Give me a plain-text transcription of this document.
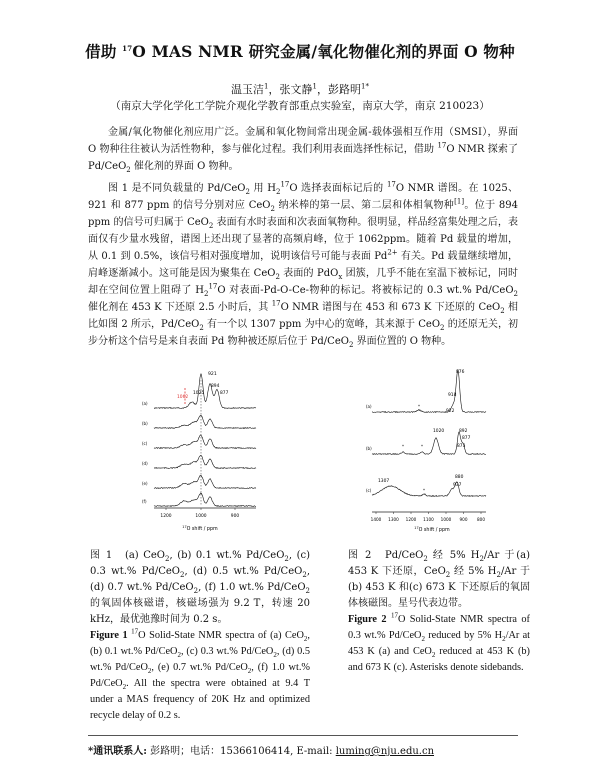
借助 $^{17}$O MAS NMR 研究金属/氧化物催化剂的界面 O 物种
温玉洁$^1$，张文静$^1$，彭路明$^{1*}$
（南京大学化学化工学院介观化学教育部重点实验室，南京大学，南京 210023）

金属/氧化物催化剂应用广泛。金属和氧化物间常出现金属-载体强相互作用（SMSI），界面 O 物种往往被认为活性物种，参与催化过程。我们利用表面选择性标记，借助 $^{17}$O NMR 探索了 Pd/CeO$_2$ 催化剂的界面 O 物种。

图 1 是不同负载量的 Pd/CeO$_2$ 用 $H_2^{17}O$ 选择表面标记后的 $^{17}$O NMR 谱图。在 1025、921 和 877 ppm 的信号分别对应 CeO$_2$ 纳米棒的第一层、第二层和体相氧物种[1]。位于 894 ppm 的信号可归属于 CeO$_2$ 表面有水时表面和次表面氧物种。很明显，样品经富集处理之后，表面仅有少量水残留，谱图上还出现了显著的高频肩峰，位于 1062ppm。随着 Pd 载量的增加，从 0.1 到 0.5%，该信号相对强度增加，说明该信号可能与表面 $Pd^{2+}$ 有关。Pd 载量继续增加，肩峰逐渐减小。这可能是因为聚集在 CeO$_2$ 表面的 PdO$_x$ 团簇，几乎不能在室温下被标记，同时却在空间位置上阻碍了 $H_2^{17}O$ 对表面-Pd-O-Ce-物种的标记。将被标记的 0.3 wt.% Pd/CeO$_2$ 催化剂在 453 K 下还原 2.5 小时后，其 $^{17}$O NMR 谱图与在 453 和 673 K 下还原的 CeO$_2$ 相比如图 2 所示，Pd/CeO$_2$ 有一个以 1307 ppm 为中心的宽峰，其来源于 CeO$_2$ 的还原无关，初步分析这个信号是来自表面 Pd 物种被还原后位于 Pd/CeO$_2$ 界面位置的 O 物种。

921
1025
894
877
1062
(a)
(b)
(c)
(d)
(e)
(f)
1200	1000	900
$^{17}$O shift / ppm
876
918
922
1020	892
877
873
1307
880
937
(a)
(b)
(c)
*
*	*
*
1400 1300 1200 1100 1000 900 800
$^{17}$O shift / ppm

图 1　(a) CeO$_2$, (b) 0.1 wt.% Pd/CeO$_2$, (c) 0.3 wt.% Pd/CeO$_2$, (d) 0.5 wt.% Pd/CeO$_2$, (d) 0.7 wt.% Pd/CeO$_2$, (f) 1.0 wt.% Pd/CeO$_2$ 的氧固体核磁谱，核磁场强为 9.2 T，转速 20 kHz，最优弛豫时间为 0.2 s。

Figure 1 $^{17}$O Solid-State NMR spectra of (a) CeO$_2$, (b) 0.1 wt.% Pd/CeO$_2$, (c) 0.3 wt.% Pd/CeO$_2$, (d) 0.5 wt.% Pd/CeO$_2$, (e) 0.7 wt.% Pd/CeO$_2$, (f) 1.0 wt.% Pd/CeO$_2$. All the spectra were obtained at 9.4 T under a MAS frequency of 20K Hz and optimized recycle delay of 0.2 s.

图 2　Pd/CeO$_2$ 经 5% $H_2/Ar$ 于(a) 453 K 下还原，CeO$_2$ 经 5% $H_2/Ar$ 于(b) 453 K 和(c) 673 K 下还原后的氧固体核磁图。星号代表边带。

Figure 2 $^{17}$O Solid-State NMR spectra of 0.3 wt.% Pd/CeO$_2$ reduced by 5% $H_2/Ar$ at 453 K (a) and CeO$_2$ reduced at 453 K (b) and 673 K (c). Asterisks denote sidebands.

*通讯联系人: 彭路明；电话：15366106414, E-mail: luming@nju.edu.cn
